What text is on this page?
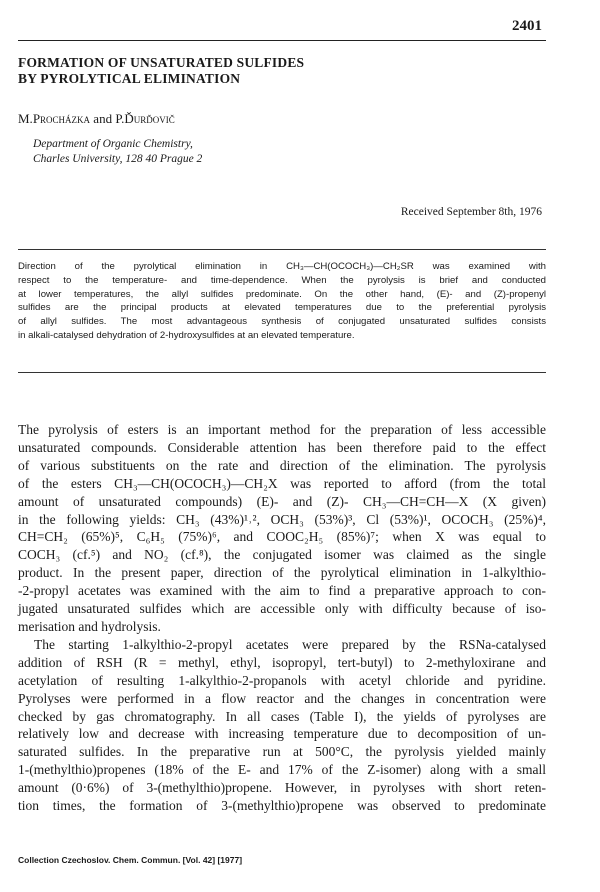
2401
FORMATION OF UNSATURATED SULFIDES
BY PYROLYTICAL ELIMINATION
M.Procházka and P.Ďurďovič
Department of Organic Chemistry,
Charles University, 128 40 Prague 2
Received September 8th, 1976
Direction of the pyrolytical elimination in CH₃—CH(OCOCH₃)—CH₂SR was examined with
respect to the temperature- and time-dependence. When the pyrolysis is brief and conducted
at lower temperatures, the allyl sulfides predominate. On the other hand, (E)- and (Z)-propenyl
sulfides are the principal products at elevated temperatures due to the preferential pyrolysis
of allyl sulfides. The most advantageous synthesis of conjugated unsaturated sulfides consists
in alkali-catalysed dehydration of 2-hydroxysulfides at an elevated temperature.
The pyrolysis of esters is an important method for the preparation of less accessible
unsaturated compounds. Considerable attention has been therefore paid to the effect
of various substituents on the rate and direction of the elimination. The pyrolysis
of the esters CH₃—CH(OCOCH₃)—CH₂X was reported to afford (from the total
amount of unsaturated compounds) (E)- and (Z)- CH₃—CH=CH—X (X given)
in the following yields: CH₃ (43%)¹˒², OCH₃ (53%)³, Cl (53%)¹, OCOCH₃ (25%)⁴,
CH=CH₂ (65%)⁵, C₆H₅ (75%)⁶, and COOC₂H₅ (85%)⁷; when X was equal to
COCH₃ (cf.⁵) and NO₂ (cf.⁸), the conjugated isomer was claimed as the single
product. In the present paper, direction of the pyrolytical elimination in 1-alkylthio-
-2-propyl acetates was examined with the aim to find a preparative approach to con-
jugated unsaturated sulfides which are accessible only with difficulty because of iso-
merisation and hydrolysis.
The starting 1-alkylthio-2-propyl acetates were prepared by the RSNa-catalysed
addition of RSH (R = methyl, ethyl, isopropyl, tert-butyl) to 2-methyloxirane and
acetylation of resulting 1-alkylthio-2-propanols with acetyl chloride and pyridine.
Pyrolyses were performed in a flow reactor and the changes in concentration were
checked by gas chromatography. In all cases (Table I), the yields of pyrolyses are
relatively low and decrease with increasing temperature due to decomposition of un-
saturated sulfides. In the preparative run at 500°C, the pyrolysis yielded mainly
1-(methylthio)propenes (18% of the E- and 17% of the Z-isomer) along with a small
amount (0·6%) of 3-(methylthio)propene. However, in pyrolyses with short reten-
tion times, the formation of 3-(methylthio)propene was observed to predominate
Collection Czechoslov. Chem. Commun. [Vol. 42] [1977]
